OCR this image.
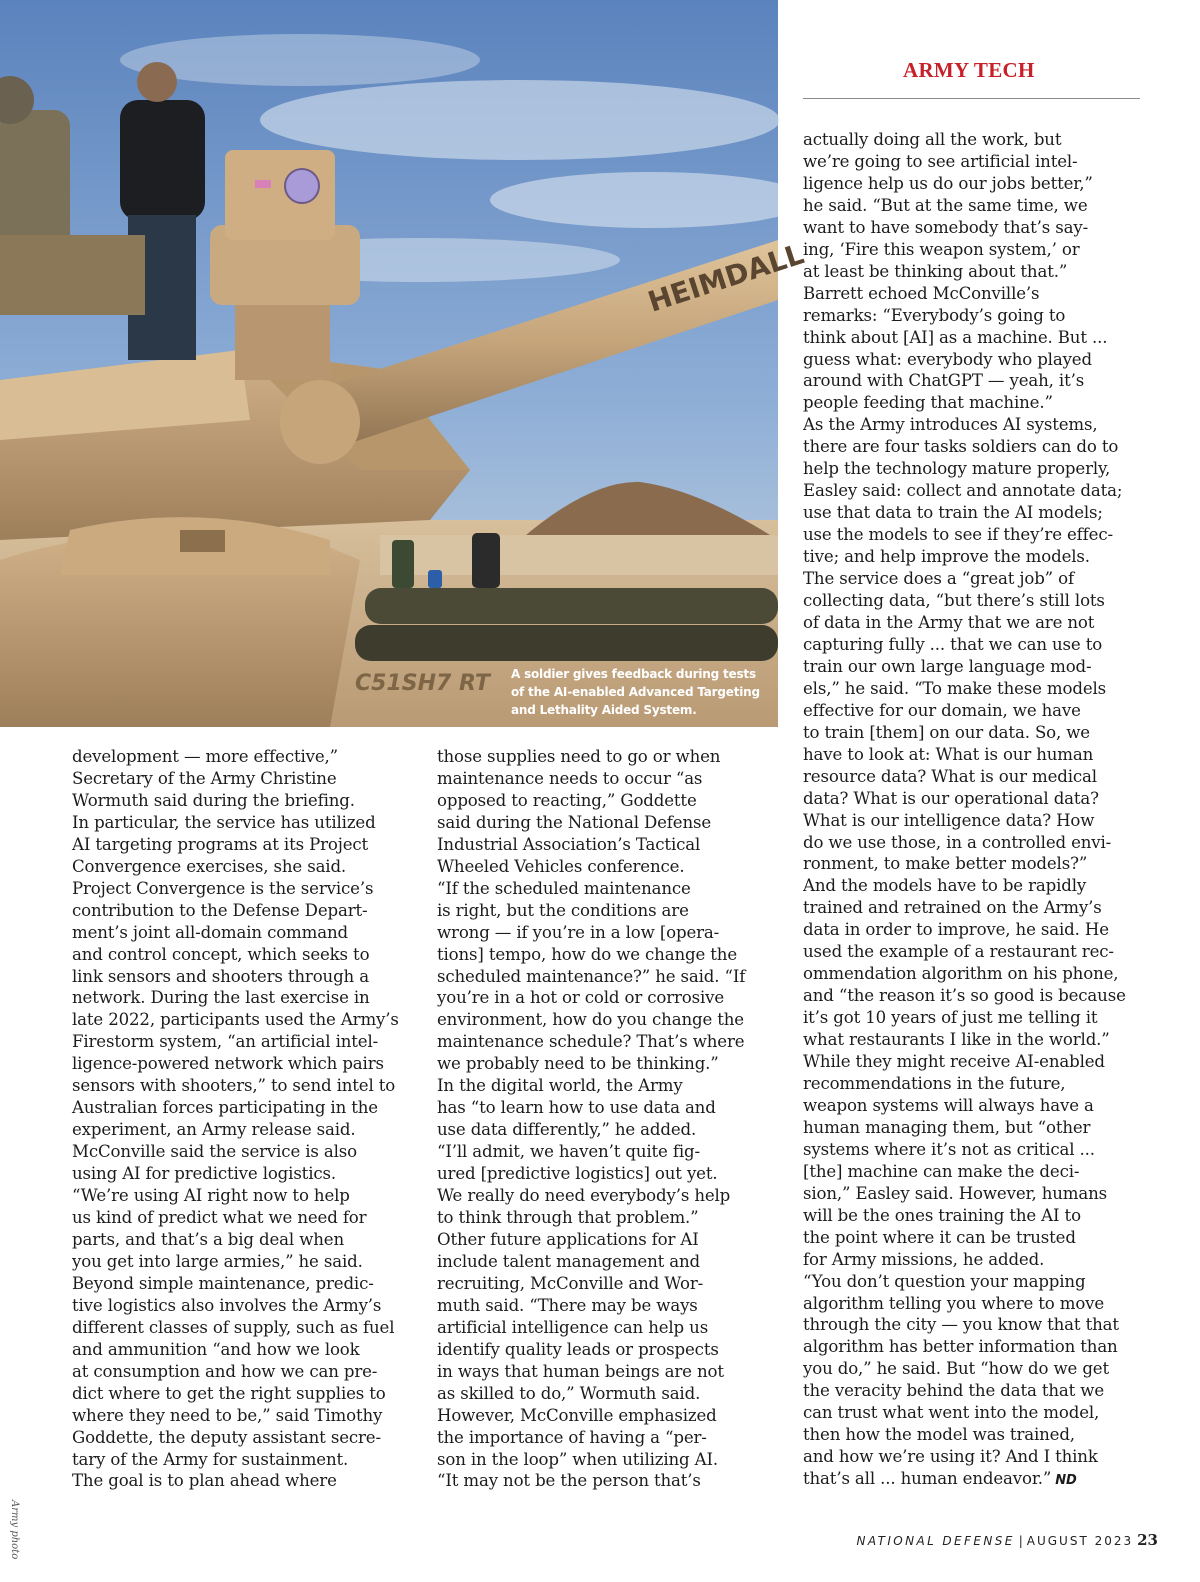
HEIMDALL
C51SH7 RT A soldier gives feedback during tests
of the AI-enabled Advanced Targeting
and Lethality Aided System.
ARMY TECH
development — more effective,”
Secretary of the Army Christine
Wormuth said during the briefing.
In particular, the service has utilized
AI targeting programs at its Project
Convergence exercises, she said.
Project Convergence is the service’s
contribution to the Defense Depart-
ment’s joint all-domain command
and control concept, which seeks to
link sensors and shooters through a
network. During the last exercise in
late 2022, participants used the Army’s
Firestorm system, “an artificial intel-
ligence-powered network which pairs
sensors with shooters,” to send intel to
Australian forces participating in the
experiment, an Army release said.
McConville said the service is also
using AI for predictive logistics.
“We’re using AI right now to help
us kind of predict what we need for
parts, and that’s a big deal when
you get into large armies,” he said.
Beyond simple maintenance, predic-
tive logistics also involves the Army’s
different classes of supply, such as fuel
and ammunition “and how we look
at consumption and how we can pre-
dict where to get the right supplies to
where they need to be,” said Timothy
Goddette, the deputy assistant secre-
tary of the Army for sustainment.
The goal is to plan ahead where
those supplies need to go or when
maintenance needs to occur “as
opposed to reacting,” Goddette
said during the National Defense
Industrial Association’s Tactical
Wheeled Vehicles conference.
“If the scheduled maintenance
is right, but the conditions are
wrong — if you’re in a low [opera-
tions] tempo, how do we change the
scheduled maintenance?” he said. “If
you’re in a hot or cold or corrosive
environment, how do you change the
maintenance schedule? That’s where
we probably need to be thinking.”
In the digital world, the Army
has “to learn how to use data and
use data differently,” he added.
“I’ll admit, we haven’t quite fig-
ured [predictive logistics] out yet.
We really do need everybody’s help
to think through that problem.”
Other future applications for AI
include talent management and
recruiting, McConville and Wor-
muth said. “There may be ways
artificial intelligence can help us
identify quality leads or prospects
in ways that human beings are not
as skilled to do,” Wormuth said.
However, McConville emphasized
the importance of having a “per-
son in the loop” when utilizing AI.
“It may not be the person that’s
actually doing all the work, but
we’re going to see artificial intel-
ligence help us do our jobs better,”
he said. “But at the same time, we
want to have somebody that’s say-
ing, ‘Fire this weapon system,’ or
at least be thinking about that.”
Barrett echoed McConville’s
remarks: “Everybody’s going to
think about [AI] as a machine. But ...
guess what: everybody who played
around with ChatGPT — yeah, it’s
people feeding that machine.”
As the Army introduces AI systems,
there are four tasks soldiers can do to
help the technology mature properly,
Easley said: collect and annotate data;
use that data to train the AI models;
use the models to see if they’re effec-
tive; and help improve the models.
The service does a “great job” of
collecting data, “but there’s still lots
of data in the Army that we are not
capturing fully ... that we can use to
train our own large language mod-
els,” he said. “To make these models
effective for our domain, we have
to train [them] on our data. So, we
have to look at: What is our human
resource data? What is our medical
data? What is our operational data?
What is our intelligence data? How
do we use those, in a controlled envi-
ronment, to make better models?”
And the models have to be rapidly
trained and retrained on the Army’s
data in order to improve, he said. He
used the example of a restaurant rec-
ommendation algorithm on his phone,
and “the reason it’s so good is because
it’s got 10 years of just me telling it
what restaurants I like in the world.”
While they might receive AI-enabled
recommendations in the future,
weapon systems will always have a
human managing them, but “other
systems where it’s not as critical ...
[the] machine can make the deci-
sion,” Easley said. However, humans
will be the ones training the AI to
the point where it can be trusted
for Army missions, he added.
“You don’t question your mapping
algorithm telling you where to move
through the city — you know that that
algorithm has better information than
you do,” he said. But “how do we get
the veracity behind the data that we
can trust what went into the model,
then how the model was trained,
and how we’re using it? And I think
that’s all ... human endeavor.” ND
Army photo	NATIONAL DEFENSE | AUGUST 2023 23
